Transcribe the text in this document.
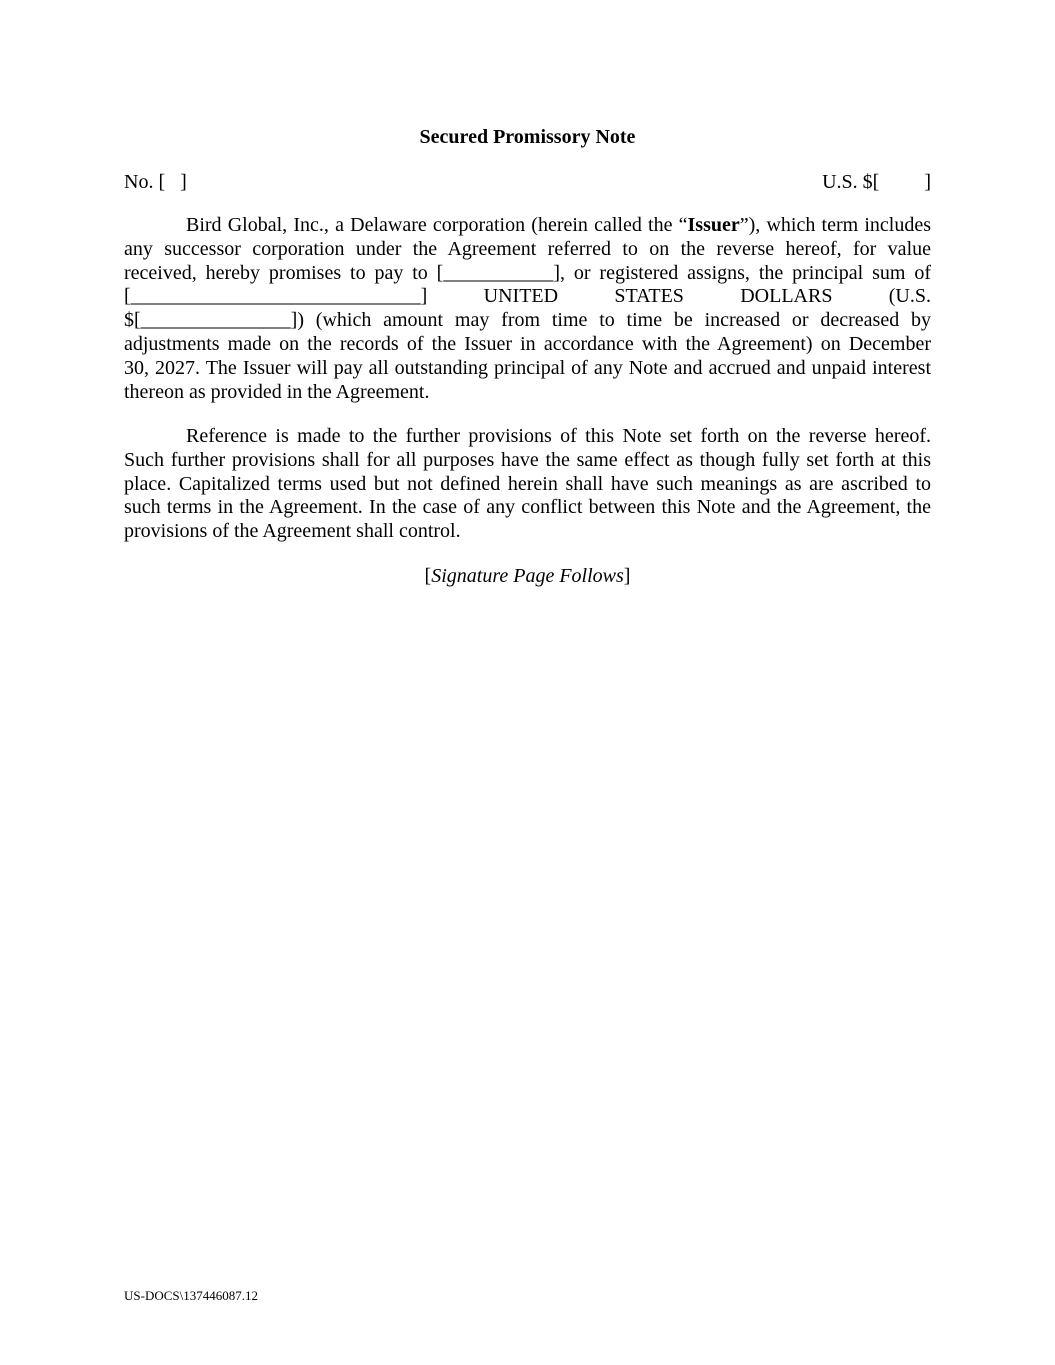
Secured Promissory Note
No. [   ]	U.S. $[         ]
Bird Global, Inc., a Delaware corporation (herein called the “Issuer”), which term includes
any successor corporation under the Agreement referred to on the reverse hereof, for value
received, hereby promises to pay to [___________], or registered assigns, the principal sum of
[_____________________________] UNITED STATES DOLLARS (U.S.
$[_______________]) (which amount may from time to time be increased or decreased by
adjustments made on the records of the Issuer in accordance with the Agreement) on December
30, 2027. The Issuer will pay all outstanding principal of any Note and accrued and unpaid interest
thereon as provided in the Agreement.
Reference is made to the further provisions of this Note set forth on the reverse hereof.
Such further provisions shall for all purposes have the same effect as though fully set forth at this
place. Capitalized terms used but not defined herein shall have such meanings as are ascribed to
such terms in the Agreement. In the case of any conflict between this Note and the Agreement, the
provisions of the Agreement shall control.

[Signature Page Follows]

US-DOCS\137446087.12
